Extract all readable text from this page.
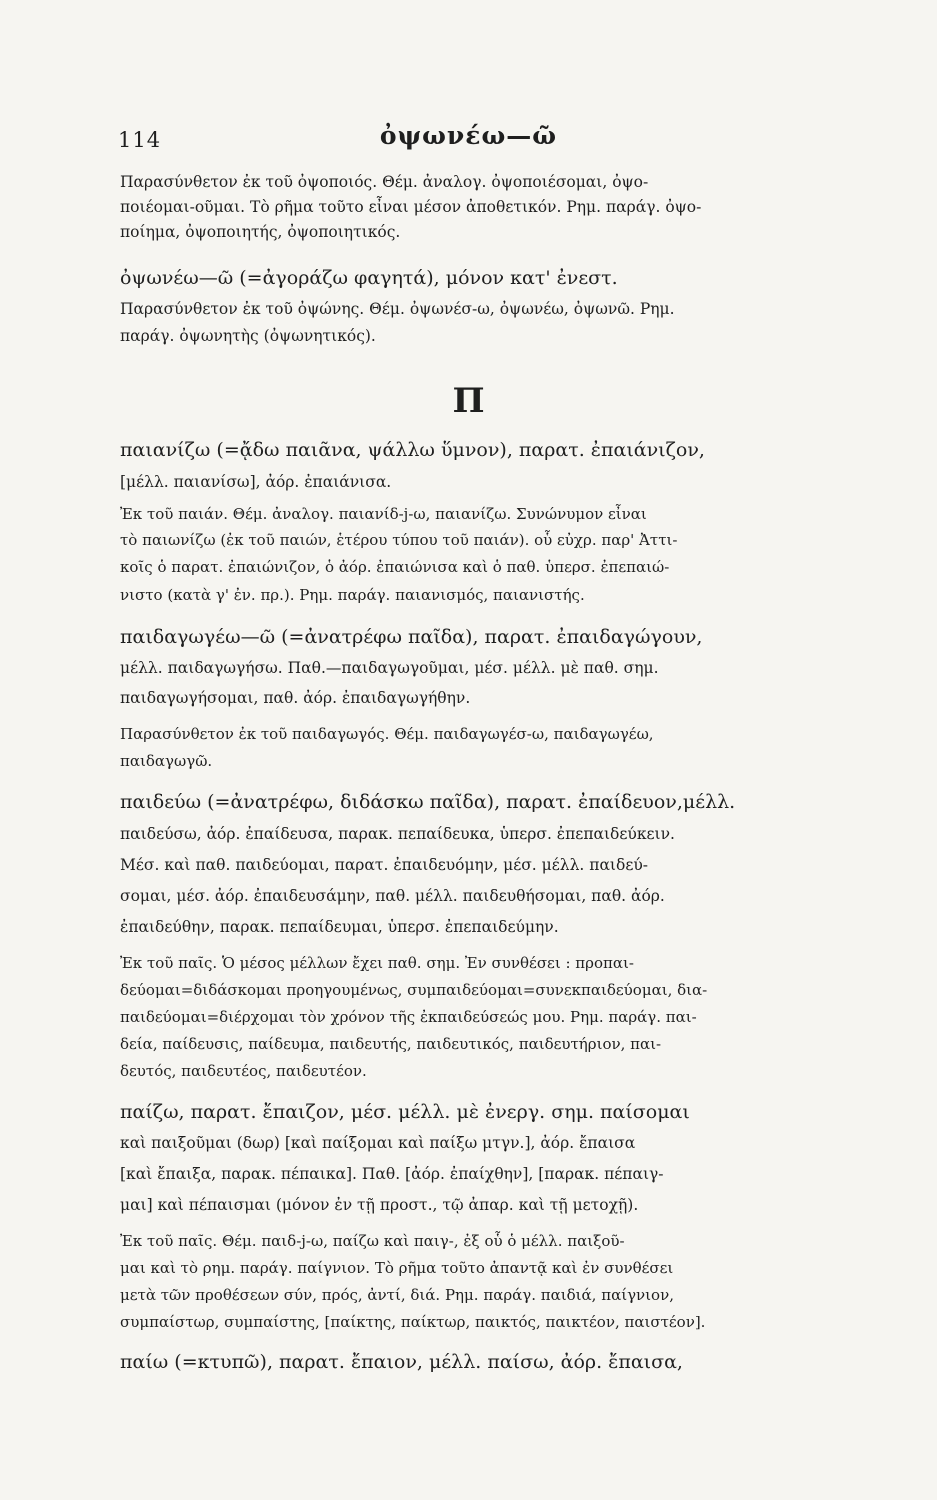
114	ὀψωνέω—ῶ
Π
Παρασύνθετον ἐκ τοῦ ὀψοποιός. Θέμ. ἀναλογ. ὀψοποιέσομαι, ὀψο-
ποιέομαι-οῦμαι. Τὸ ρῆμα τοῦτο εἶναι μέσον ἀποθετικόν. Ρημ. παράγ. ὀψο-
ποίημα, ὀψοποιητής, ὀψοποιητικός.
ὀψωνέω—ῶ (=ἀγοράζω φαγητά), μόνον κατ' ἐνεστ.
Παρασύνθετον ἐκ τοῦ ὀψώνης. Θέμ. ὀψωνέσ-ω, ὀψωνέω, ὀψωνῶ. Ρημ.
παράγ. ὀψωνητὴς (ὀψωνητικός).
παιανίζω (=ᾄδω παιᾶνα, ψάλλω ὕμνον), παρατ. ἐπαιάνιζον,
[μέλλ. παιανίσω], ἀόρ. ἐπαιάνισα.
Ἐκ τοῦ παιάν. Θέμ. ἀναλογ. παιανίδ-j-ω, παιανίζω. Συνώνυμον εἶναι
τὸ παιωνίζω (ἐκ τοῦ παιών, ἑτέρου τύπου τοῦ παιάν). οὗ εὐχρ. παρ' Ἀττι-
κοῖς ὁ παρατ. ἐπαιώνιζον, ὁ ἀόρ. ἐπαιώνισα καὶ ὁ παθ. ὑπερσ. ἐπεπαιώ-
νιστο (κατὰ γ' ἐν. πρ.). Ρημ. παράγ. παιανισμός, παιανιστής.
παιδαγωγέω—ῶ (=ἀνατρέφω παῖδα), παρατ. ἐπαιδαγώγουν,
μέλλ. παιδαγωγήσω. Παθ.—παιδαγωγοῦμαι, μέσ. μέλλ. μὲ παθ. σημ.
παιδαγωγήσομαι, παθ. ἀόρ. ἐπαιδαγωγήθην.
Παρασύνθετον ἐκ τοῦ παιδαγωγός. Θέμ. παιδαγωγέσ-ω, παιδαγωγέω,
παιδαγωγῶ.
παιδεύω (=ἀνατρέφω, διδάσκω παῖδα), παρατ. ἐπαίδευον,μέλλ.
παιδεύσω, ἀόρ. ἐπαίδευσα, παρακ. πεπαίδευκα, ὑπερσ. ἐπεπαιδεύκειν.
Μέσ. καὶ παθ. παιδεύομαι, παρατ. ἐπαιδευόμην, μέσ. μέλλ. παιδεύ-
σομαι, μέσ. ἀόρ. ἐπαιδευσάμην, παθ. μέλλ. παιδευθήσομαι, παθ. ἀόρ.
ἐπαιδεύθην, παρακ. πεπαίδευμαι, ὑπερσ. ἐπεπαιδεύμην.
Ἐκ τοῦ παῖς. Ὁ μέσος μέλλων ἔχει παθ. σημ. Ἐν συνθέσει : προπαι-
δεύομαι=διδάσκομαι προηγουμένως, συμπαιδεύομαι=συνεκπαιδεύομαι, δια-
παιδεύομαι=διέρχομαι τὸν χρόνον τῆς ἐκπαιδεύσεώς μου. Ρημ. παράγ. παι-
δεία, παίδευσις, παίδευμα, παιδευτής, παιδευτικός, παιδευτήριον, παι-
δευτός, παιδευτέος, παιδευτέον.
παίζω, παρατ. ἔπαιζον, μέσ. μέλλ. μὲ ἐνεργ. σημ. παίσομαι
καὶ παιξοῦμαι (δωρ) [καὶ παίξομαι καὶ παίξω μτγν.], ἀόρ. ἔπαισα
[καὶ ἔπαιξα, παρακ. πέπαικα]. Παθ. [ἀόρ. ἐπαίχθην], [παρακ. πέπαιγ-
μαι] καὶ πέπαισμαι (μόνον ἐν τῇ προστ., τῷ ἀπαρ. καὶ τῇ μετοχῇ).
Ἐκ τοῦ παῖς. Θέμ. παιδ-j-ω, παίζω καὶ παιγ-, ἐξ οὗ ὁ μέλλ. παιξοῦ-
μαι καὶ τὸ ρημ. παράγ. παίγνιον. Τὸ ρῆμα τοῦτο ἀπαντᾷ καὶ ἐν συνθέσει
μετὰ τῶν προθέσεων σύν, πρός, ἀντί, διά. Ρημ. παράγ. παιδιά, παίγνιον,
συμπαίστωρ, συμπαίστης, [παίκτης, παίκτωρ, παικτός, παικτέον, παιστέον].
παίω (=κτυπῶ), παρατ. ἔπαιον, μέλλ. παίσω, ἀόρ. ἔπαισα,
